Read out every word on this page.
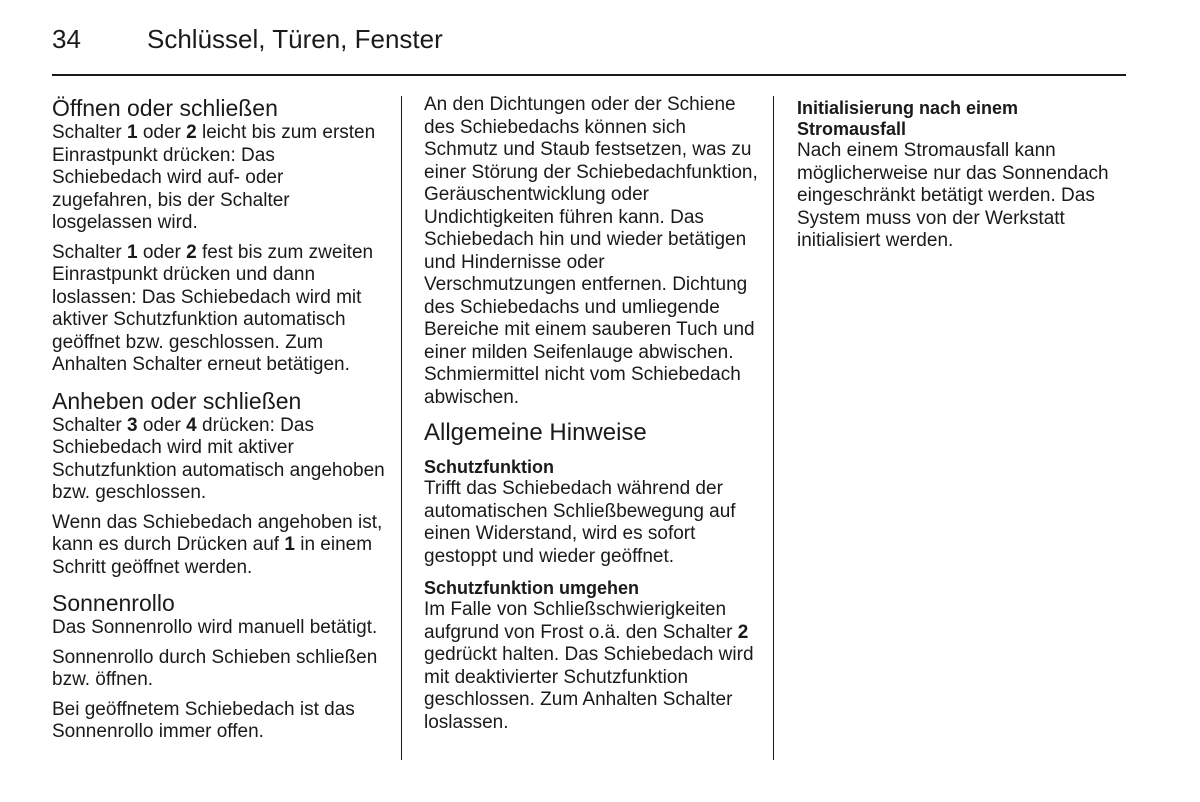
34	Schlüssel, Türen, Fenster
Öffnen oder schließen

Schalter 1 oder 2 leicht bis zum ersten Einrastpunkt drücken: Das Schiebedach wird auf- oder zugefahren, bis der Schalter losgelassen wird.

Schalter 1 oder 2 fest bis zum zweiten Einrastpunkt drücken und dann loslassen: Das Schiebedach wird mit aktiver Schutzfunktion automatisch geöffnet bzw. geschlossen. Zum Anhalten Schalter erneut betätigen.

Anheben oder schließen

Schalter 3 oder 4 drücken: Das Schiebedach wird mit aktiver Schutzfunktion automatisch angehoben bzw. geschlossen.

Wenn das Schiebedach angehoben ist, kann es durch Drücken auf 1 in einem Schritt geöffnet werden.

Sonnenrollo

Das Sonnenrollo wird manuell betätigt.

Sonnenrollo durch Schieben schließen bzw. öffnen.

Bei geöffnetem Schiebedach ist das Sonnenrollo immer offen.

An den Dichtungen oder der Schiene des Schiebedachs können sich Schmutz und Staub festsetzen, was zu einer Störung der Schiebedachfunktion, Geräuschentwicklung oder Undichtigkeiten führen kann. Das Schiebedach hin und wieder betätigen und Hindernisse oder Verschmutzungen entfernen. Dichtung des Schiebedachs und umliegende Bereiche mit einem sauberen Tuch und einer milden Seifenlauge abwischen. Schmiermittel nicht vom Schiebedach abwischen.

Allgemeine Hinweise
Schutzfunktion

Trifft das Schiebedach während der automatischen Schließbewegung auf einen Widerstand, wird es sofort gestoppt und wieder geöffnet.

Schutzfunktion umgehen

Im Falle von Schließschwierigkeiten aufgrund von Frost o.ä. den Schalter 2 gedrückt halten. Das Schiebedach wird mit deaktivierter Schutzfunktion geschlossen. Zum Anhalten Schalter loslassen.

Initialisierung nach einem Stromausfall

Nach einem Stromausfall kann möglicherweise nur das Sonnendach eingeschränkt betätigt werden. Das System muss von der Werkstatt initialisiert werden.
